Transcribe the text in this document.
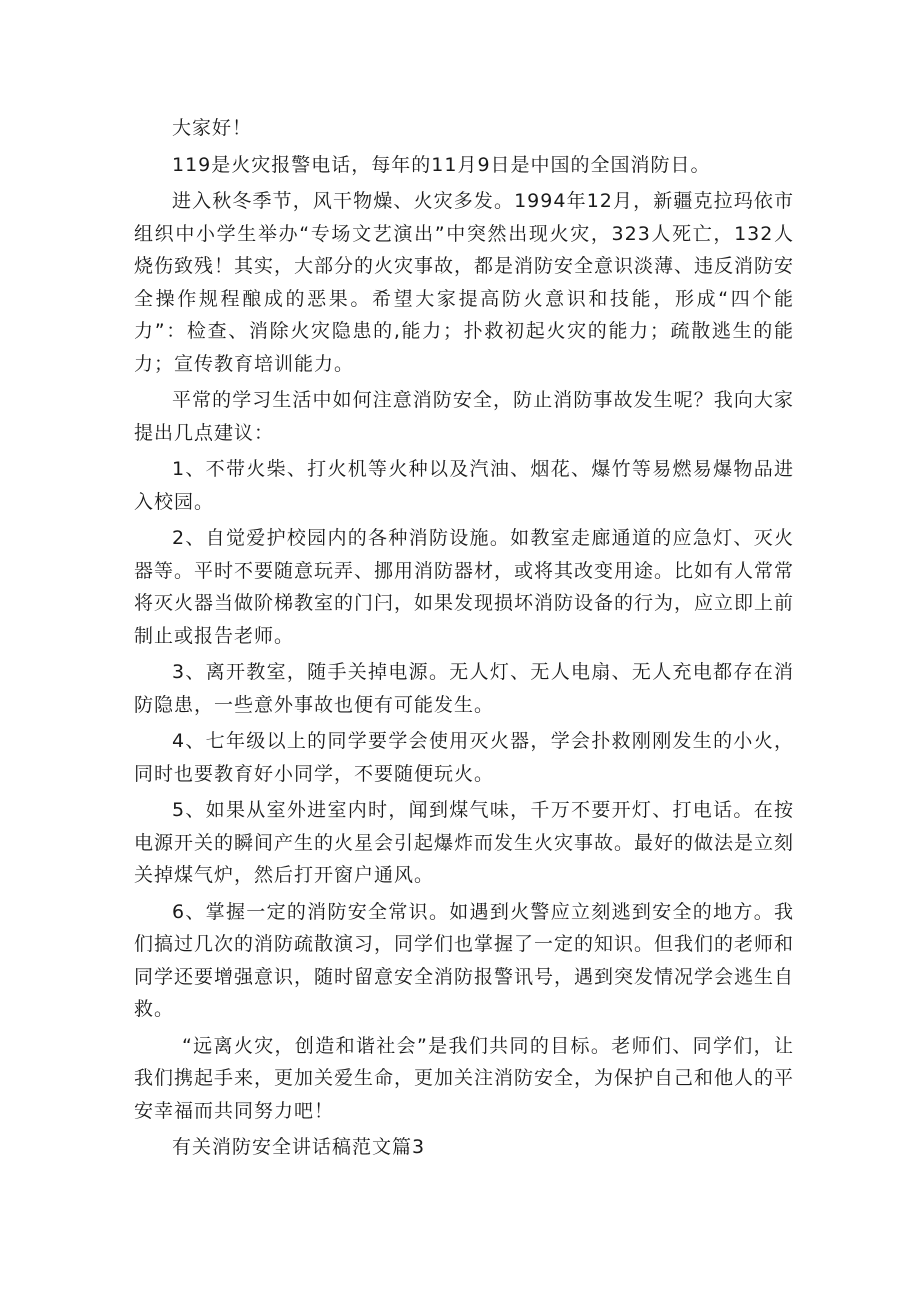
大家好！

119是火灾报警电话，每年的11月9日是中国的全国消防日。

进入秋冬季节，风干物燥、火灾多发。1994年12月，新疆克拉玛依市组织中小学生举办“专场文艺演出”中突然出现火灾，323人死亡，132人烧伤致残！其实，大部分的火灾事故，都是消防安全意识淡薄、违反消防安全操作规程酿成的恶果。希望大家提高防火意识和技能，形成“四个能力”：检查、消除火灾隐患的,能力；扑救初起火灾的能力；疏散逃生的能力；宣传教育培训能力。

平常的学习生活中如何注意消防安全，防止消防事故发生呢？我向大家提出几点建议：

1、不带火柴、打火机等火种以及汽油、烟花、爆竹等易燃易爆物品进入校园。

2、自觉爱护校园内的各种消防设施。如教室走廊通道的应急灯、灭火器等。平时不要随意玩弄、挪用消防器材，或将其改变用途。比如有人常常将灭火器当做阶梯教室的门闩，如果发现损坏消防设备的行为，应立即上前制止或报告老师。

3、离开教室，随手关掉电源。无人灯、无人电扇、无人充电都存在消防隐患，一些意外事故也便有可能发生。

4、七年级以上的同学要学会使用灭火器，学会扑救刚刚发生的小火，同时也要教育好小同学，不要随便玩火。

5、如果从室外进室内时，闻到煤气味，千万不要开灯、打电话。在按电源开关的瞬间产生的火星会引起爆炸而发生火灾事故。最好的做法是立刻关掉煤气炉，然后打开窗户通风。

6、掌握一定的消防安全常识。如遇到火警应立刻逃到安全的地方。我们搞过几次的消防疏散演习，同学们也掌握了一定的知识。但我们的老师和同学还要增强意识，随时留意安全消防报警讯号，遇到突发情况学会逃生自救。

“远离火灾，创造和谐社会”是我们共同的目标。老师们、同学们，让我们携起手来，更加关爱生命，更加关注消防安全，为保护自己和他人的平安幸福而共同努力吧！

有关消防安全讲话稿范文篇3
